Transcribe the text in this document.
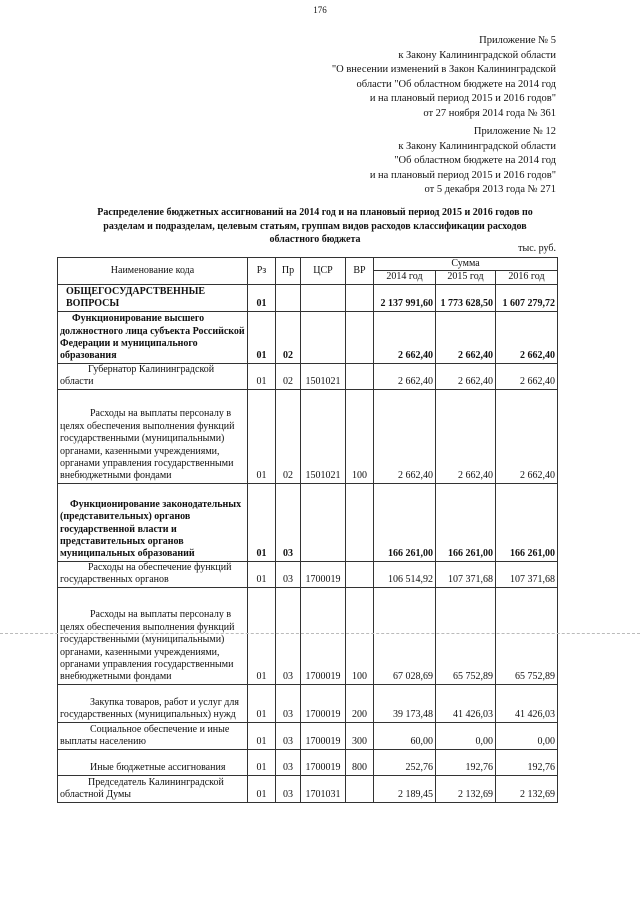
176
Приложение № 5
к Закону Калининградской области
"О внесении изменений в Закон Калининградской
области "Об областном бюджете на 2014 год
и на плановый период 2015 и 2016 годов"
от 27 ноября 2014 года № 361
Приложение № 12
к Закону Калининградской области
"Об областном бюджете на 2014 год
и на плановый период 2015 и 2016 годов"
от 5 декабря 2013 года № 271
Распределение бюджетных ассигнований на 2014 год и на плановый период 2015 и 2016 годов по
разделам и подразделам, целевым статьям, группам видов расходов классификации расходов
областного бюджета
тыс. руб.
Наименование кода	Рз	Пр	ЦСР	ВР	Сумма		
					2014 год	2015 год	2016 год
ОБЩЕГОСУДАРСТВЕННЫЕ ВОПРОСЫ	01				2 137 991,60	1 773 628,50	1 607 279,72
Функционирование высшего должностного лица субъекта Российской Федерации и муниципального образования	01	02			2 662,40	2 662,40	2 662,40
Губернатор Калининградской области	01	02	1501021		2 662,40	2 662,40	2 662,40
Расходы на выплаты персоналу в целях обеспечения выполнения функций государственными (муниципальными) органами, казенными учреждениями, органами управления государственными внебюджетными фондами	01	02	1501021	100	2 662,40	2 662,40	2 662,40
Функционирование законодательных (представительных) органов государственной власти и представительных органов муниципальных образований	01	03			166 261,00	166 261,00	166 261,00
Расходы на обеспечение функций государственных органов	01	03	1700019		106 514,92	107 371,68	107 371,68
Расходы на выплаты персоналу в целях обеспечения выполнения функций государственными (муниципальными) органами, казенными учреждениями, органами управления государственными внебюджетными фондами	01	03	1700019	100	67 028,69	65 752,89	65 752,89
Закупка товаров, работ и услуг для государственных (муниципальных) нужд	01	03	1700019	200	39 173,48	41 426,03	41 426,03
Социальное обеспечение и иные выплаты населению	01	03	1700019	300	60,00	0,00	0,00
Иные бюджетные ассигнования	01	03	1700019	800	252,76	192,76	192,76
Председатель Калининградской областной Думы	01	03	1701031		2 189,45	2 132,69	2 132,69
